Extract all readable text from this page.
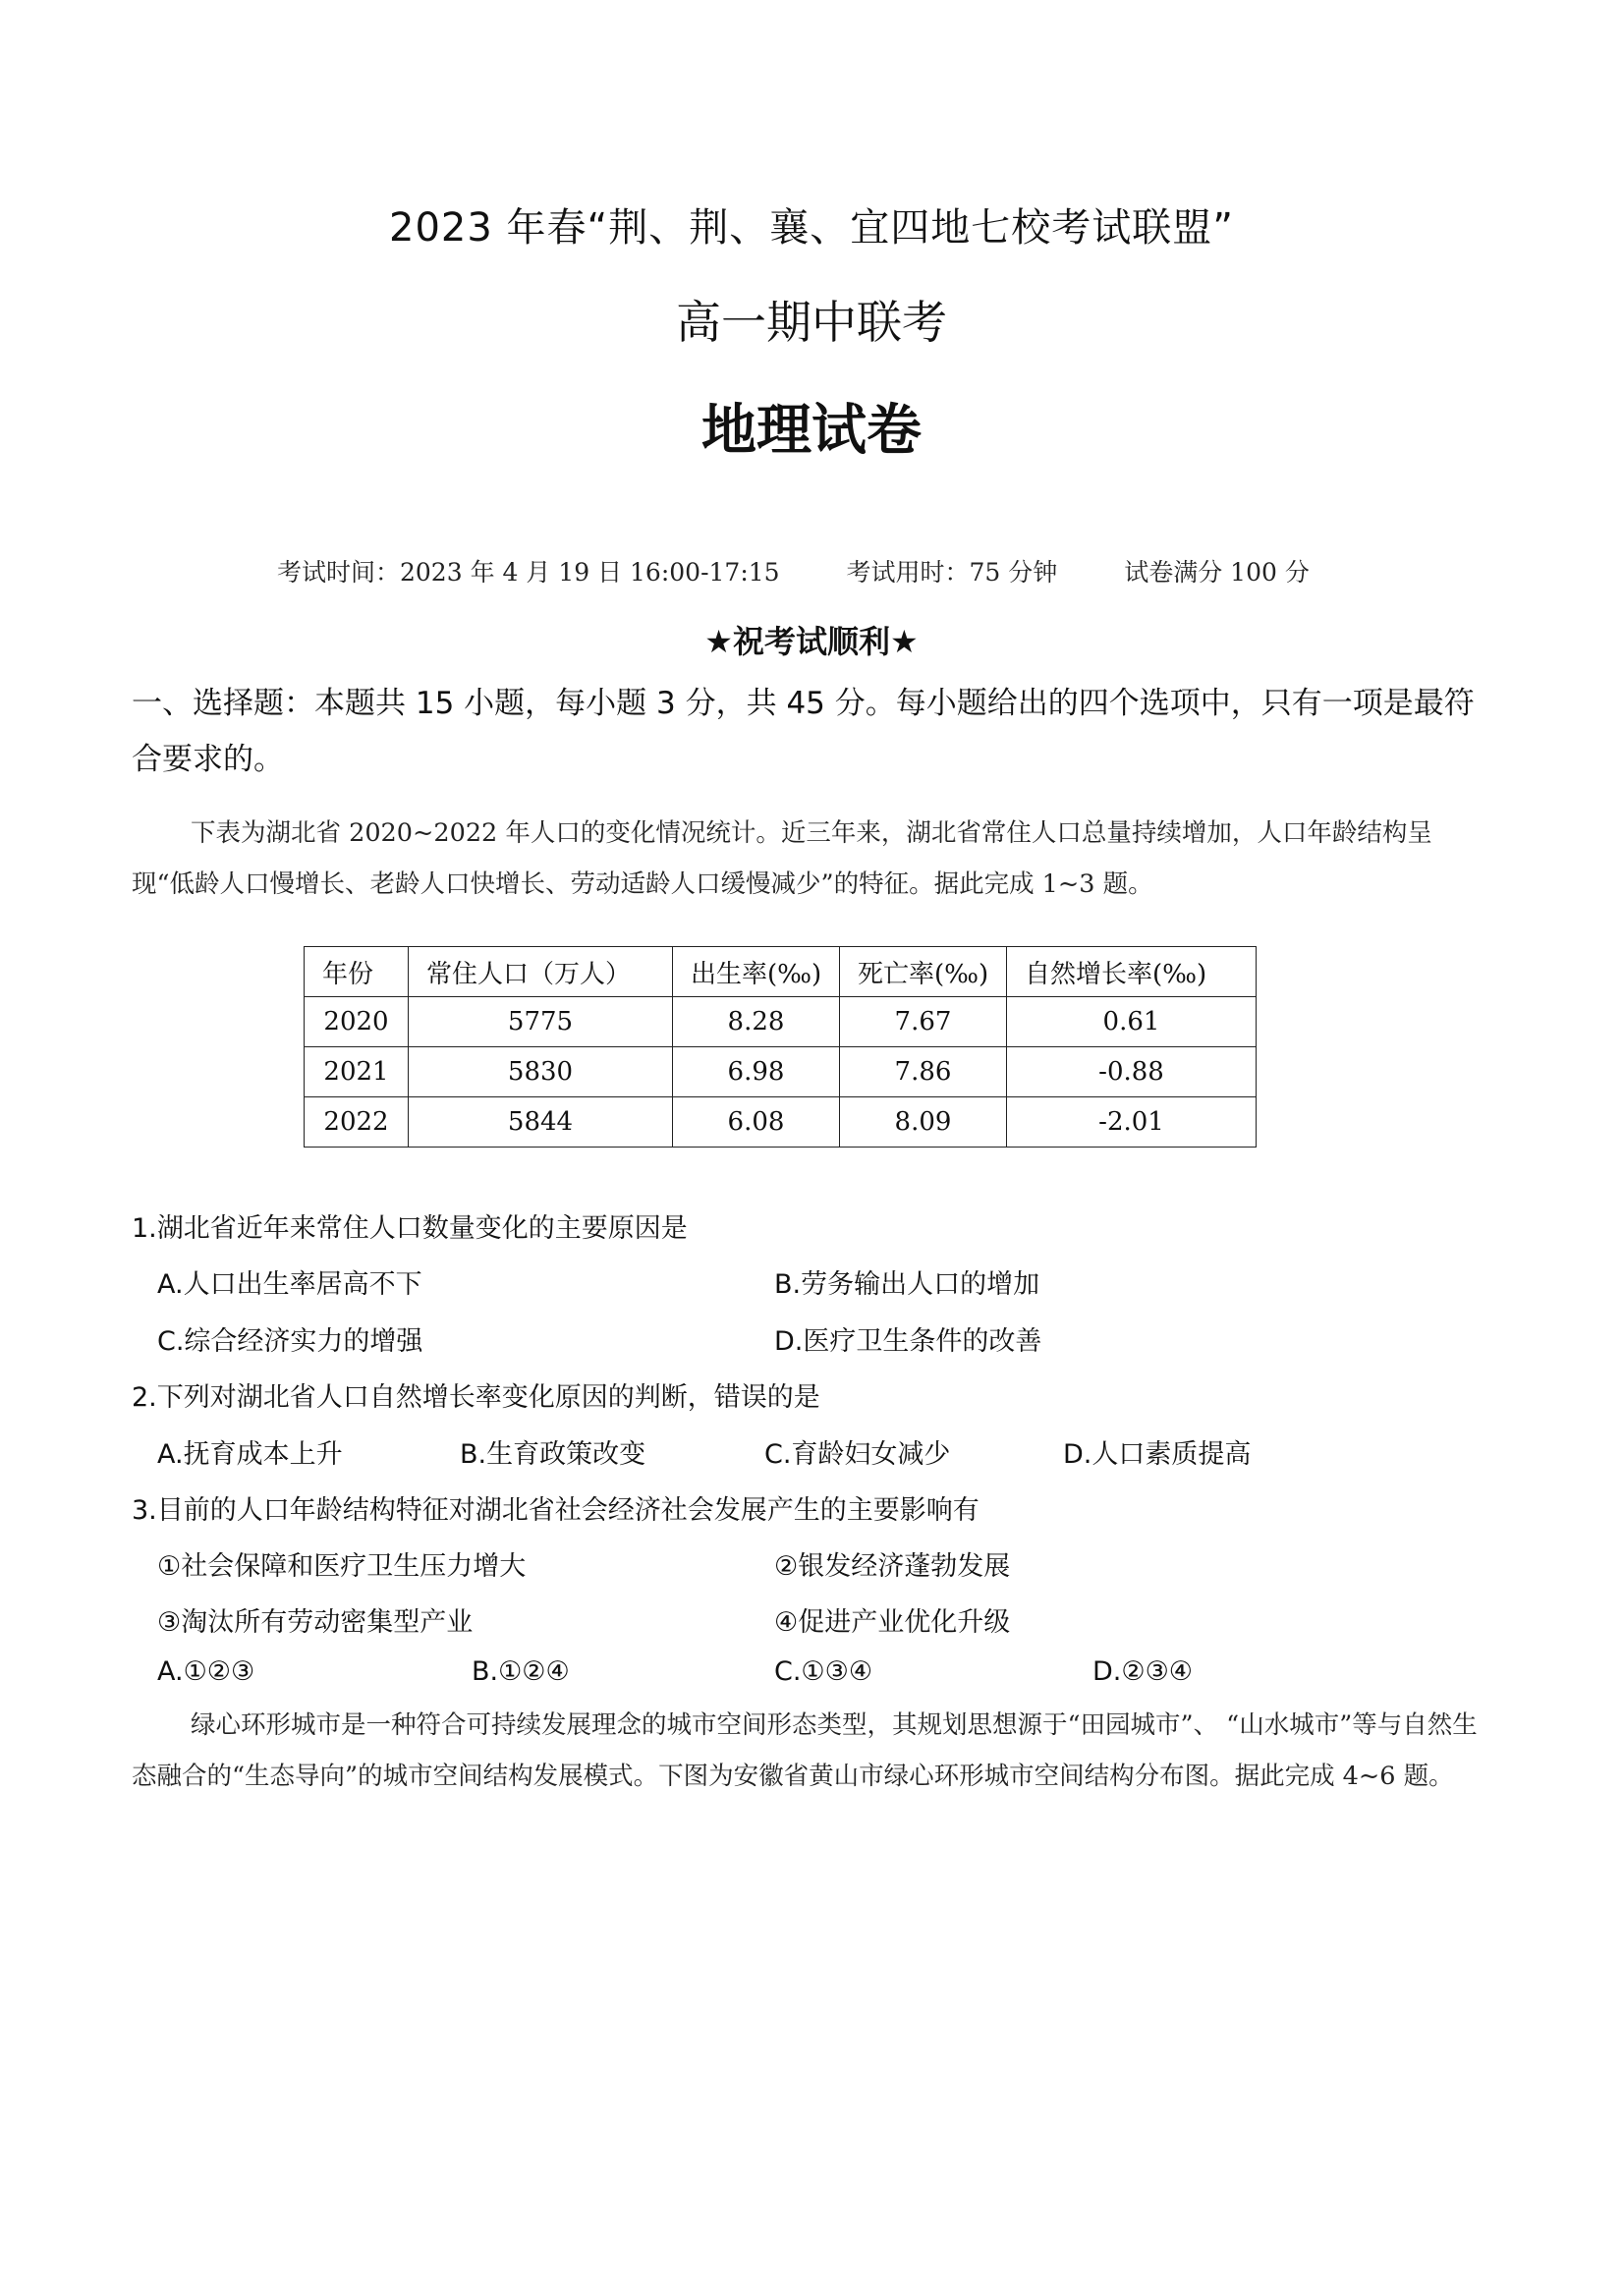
2023 年春“荆、荆、襄、宜四地七校考试联盟”
高一期中联考
地理试卷
考试时间：2023 年 4 月 19 日 16:00-17:15	考试用时：75 分钟	试卷满分 100 分
★祝考试顺利★
一、选择题：本题共 15 小题，每小题 3 分，共 45 分。每小题给出的四个选项中，只有一项是最符合要求的。
下表为湖北省 2020~2022 年人口的变化情况统计。近三年来，湖北省常住人口总量持续增加，人口年龄结构呈现“低龄人口慢增长、老龄人口快增长、劳动适龄人口缓慢减少”的特征。据此完成 1~3 题。
年份	常住人口（万人）	出生率(‰)	死亡率(‰)	自然增长率(‰)
2020	5775	8.28	7.67	0.61
2021	5830	6.98	7.86	-0.88
2022	5844	6.08	8.09	-2.01
1.湖北省近年来常住人口数量变化的主要原因是
A.人口出生率居高不下	B.劳务输出人口的增加
C.综合经济实力的增强	D.医疗卫生条件的改善
2.下列对湖北省人口自然增长率变化原因的判断，错误的是
A.抚育成本上升	B.生育政策改变	C.育龄妇女减少	D.人口素质提高
3.目前的人口年龄结构特征对湖北省社会经济社会发展产生的主要影响有
①社会保障和医疗卫生压力增大	②银发经济蓬勃发展
③淘汰所有劳动密集型产业	④促进产业优化升级
A.①②③	B.①②④	C.①③④	D.②③④
绿心环形城市是一种符合可持续发展理念的城市空间形态类型，其规划思想源于“田园城市”、 “山水城市”等与自然生态融合的“生态导向”的城市空间结构发展模式。下图为安徽省黄山市绿心环形城市空间结构分布图。据此完成 4~6 题。
